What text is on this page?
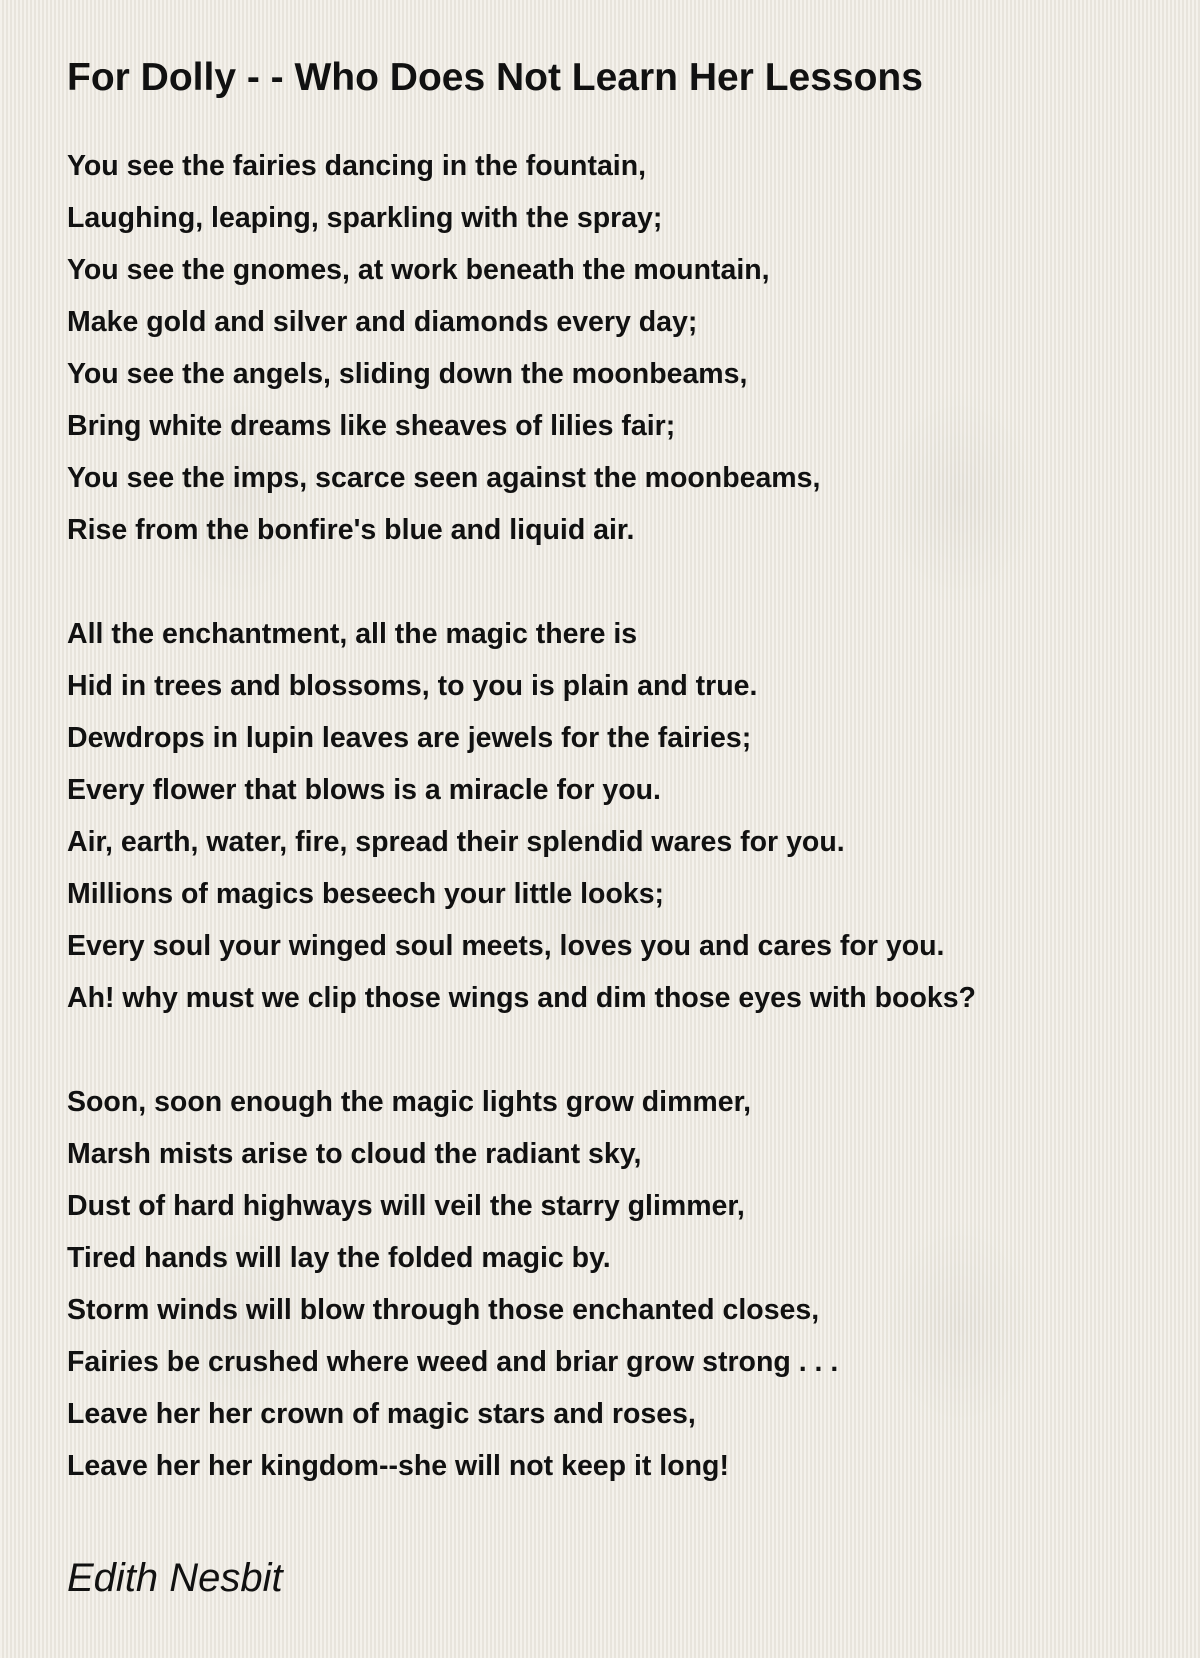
For Dolly - - Who Does Not Learn Her Lessons
You see the fairies dancing in the fountain,
Laughing, leaping, sparkling with the spray;
You see the gnomes, at work beneath the mountain,
Make gold and silver and diamonds every day;
You see the angels, sliding down the moonbeams,
Bring white dreams like sheaves of lilies fair;
You see the imps, scarce seen against the moonbeams,
Rise from the bonfire's blue and liquid air.
All the enchantment, all the magic there is
Hid in trees and blossoms, to you is plain and true.
Dewdrops in lupin leaves are jewels for the fairies;
Every flower that blows is a miracle for you.
Air, earth, water, fire, spread their splendid wares for you.
Millions of magics beseech your little looks;
Every soul your winged soul meets, loves you and cares for you.
Ah! why must we clip those wings and dim those eyes with books?
Soon, soon enough the magic lights grow dimmer,
Marsh mists arise to cloud the radiant sky,
Dust of hard highways will veil the starry glimmer,
Tired hands will lay the folded magic by.
Storm winds will blow through those enchanted closes,
Fairies be crushed where weed and briar grow strong . . .
Leave her her crown of magic stars and roses,
Leave her her kingdom--she will not keep it long!
Edith Nesbit
